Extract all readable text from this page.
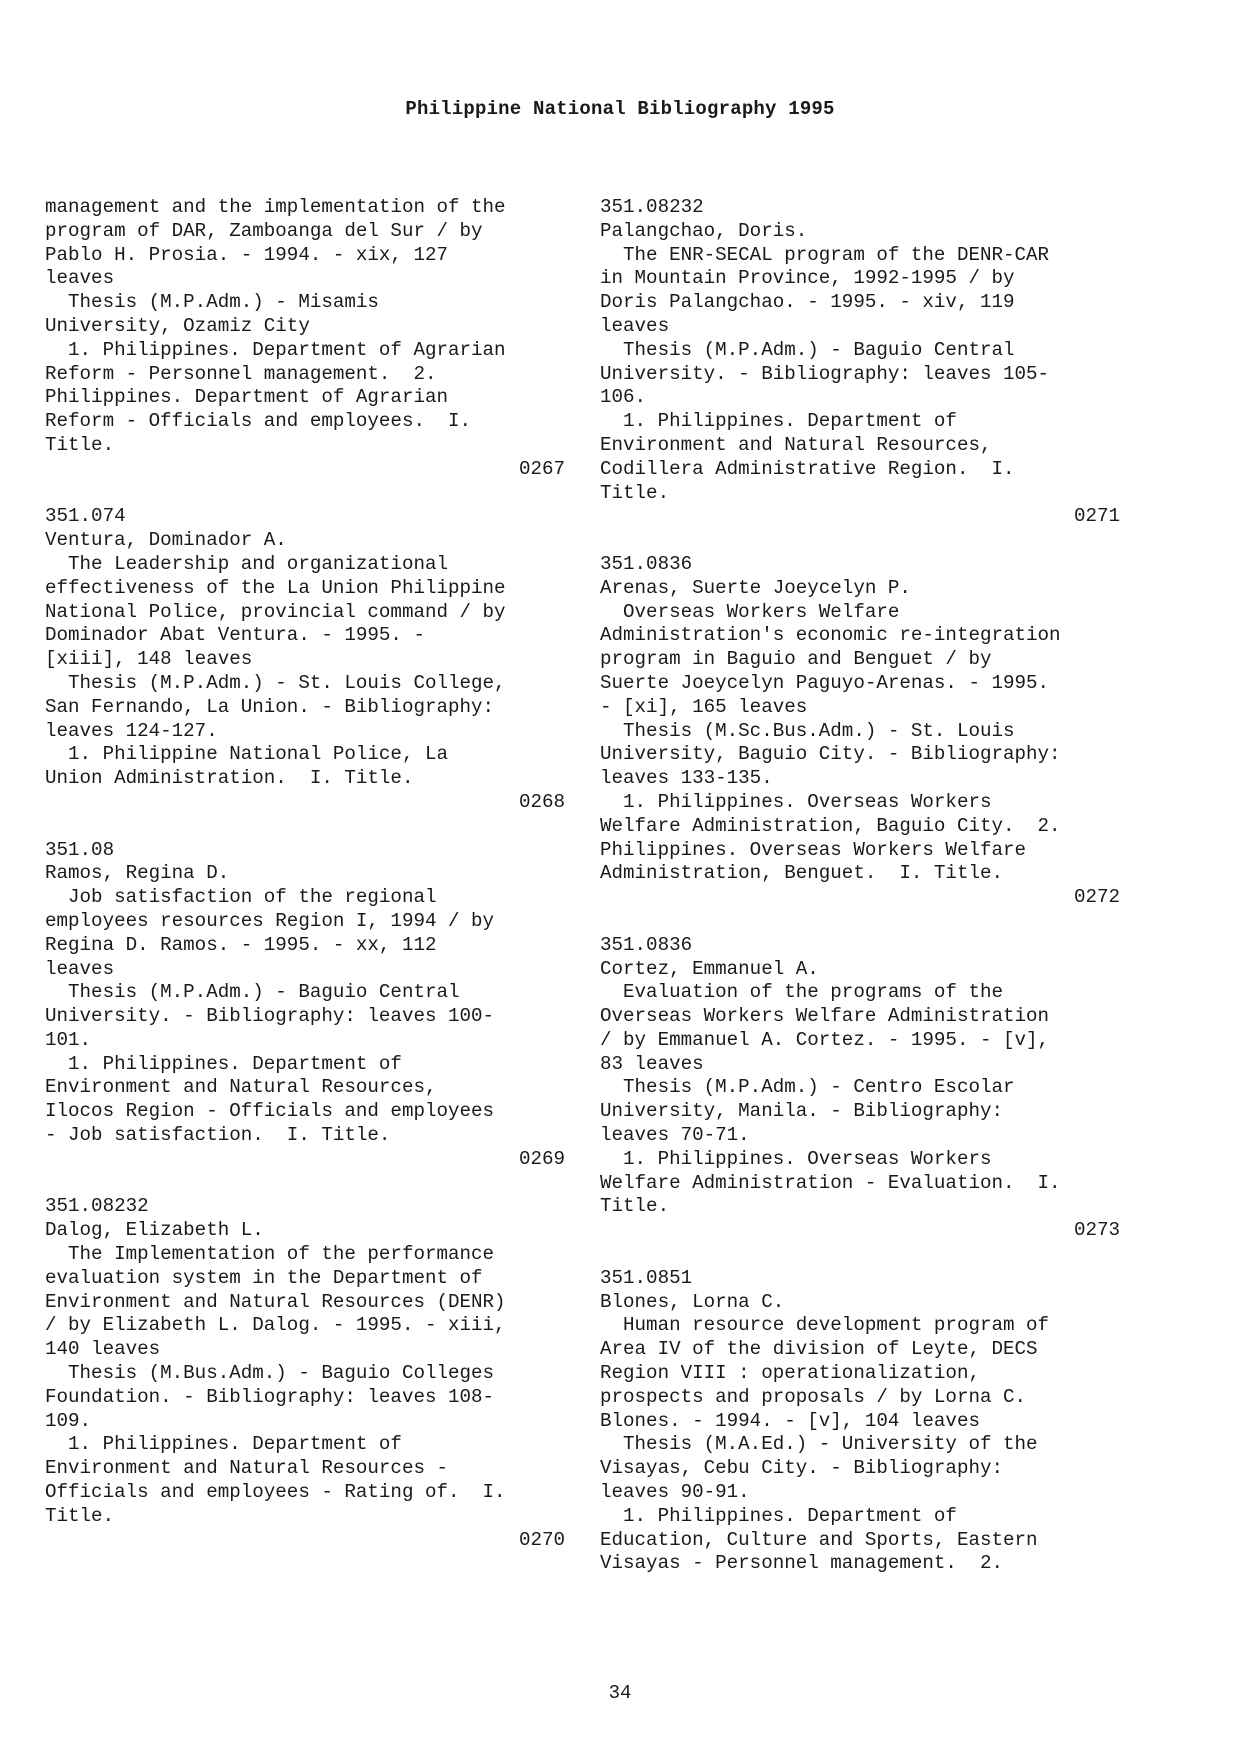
Philippine National Bibliography 1995
management and the implementation of the
program of DAR, Zamboanga del Sur / by
Pablo H. Prosia. - 1994. - xix, 127
leaves
Thesis (M.P.Adm.) - Misamis
University, Ozamiz City
1. Philippines. Department of Agrarian
Reform - Personnel management.  2.
Philippines. Department of Agrarian
Reform - Officials and employees.  I.
Title.
0267
351.074
Ventura, Dominador A.
The Leadership and organizational
effectiveness of the La Union Philippine
National Police, provincial command / by
Dominador Abat Ventura. - 1995. -
[xiii], 148 leaves
Thesis (M.P.Adm.) - St. Louis College,
San Fernando, La Union. - Bibliography:
leaves 124-127.
1. Philippine National Police, La
Union Administration.  I. Title.
0268
351.08
Ramos, Regina D.
Job satisfaction of the regional
employees resources Region I, 1994 / by
Regina D. Ramos. - 1995. - xx, 112
leaves
Thesis (M.P.Adm.) - Baguio Central
University. - Bibliography: leaves 100-
101.
1. Philippines. Department of
Environment and Natural Resources,
Ilocos Region - Officials and employees
- Job satisfaction.  I. Title.
0269
351.08232
Dalog, Elizabeth L.
The Implementation of the performance
evaluation system in the Department of
Environment and Natural Resources (DENR)
/ by Elizabeth L. Dalog. - 1995. - xiii,
140 leaves
Thesis (M.Bus.Adm.) - Baguio Colleges
Foundation. - Bibliography: leaves 108-
109.
1. Philippines. Department of
Environment and Natural Resources -
Officials and employees - Rating of.  I.
Title.
0270
351.08232
Palangchao, Doris.
The ENR-SECAL program of the DENR-CAR
in Mountain Province, 1992-1995 / by
Doris Palangchao. - 1995. - xiv, 119
leaves
Thesis (M.P.Adm.) - Baguio Central
University. - Bibliography: leaves 105-
106.
1. Philippines. Department of
Environment and Natural Resources,
Codillera Administrative Region.  I.
Title.
0271
351.0836
Arenas, Suerte Joeycelyn P.
Overseas Workers Welfare
Administration's economic re-integration
program in Baguio and Benguet / by
Suerte Joeycelyn Paguyo-Arenas. - 1995.
- [xi], 165 leaves
Thesis (M.Sc.Bus.Adm.) - St. Louis
University, Baguio City. - Bibliography:
leaves 133-135.
1. Philippines. Overseas Workers
Welfare Administration, Baguio City.  2.
Philippines. Overseas Workers Welfare
Administration, Benguet.  I. Title.
0272
351.0836
Cortez, Emmanuel A.
Evaluation of the programs of the
Overseas Workers Welfare Administration
/ by Emmanuel A. Cortez. - 1995. - [v],
83 leaves
Thesis (M.P.Adm.) - Centro Escolar
University, Manila. - Bibliography:
leaves 70-71.
1. Philippines. Overseas Workers
Welfare Administration - Evaluation.  I.
Title.
0273
351.0851
Blones, Lorna C.
Human resource development program of
Area IV of the division of Leyte, DECS
Region VIII : operationalization,
prospects and proposals / by Lorna C.
Blones. - 1994. - [v], 104 leaves
Thesis (M.A.Ed.) - University of the
Visayas, Cebu City. - Bibliography:
leaves 90-91.
1. Philippines. Department of
Education, Culture and Sports, Eastern
Visayas - Personnel management.  2.
34
